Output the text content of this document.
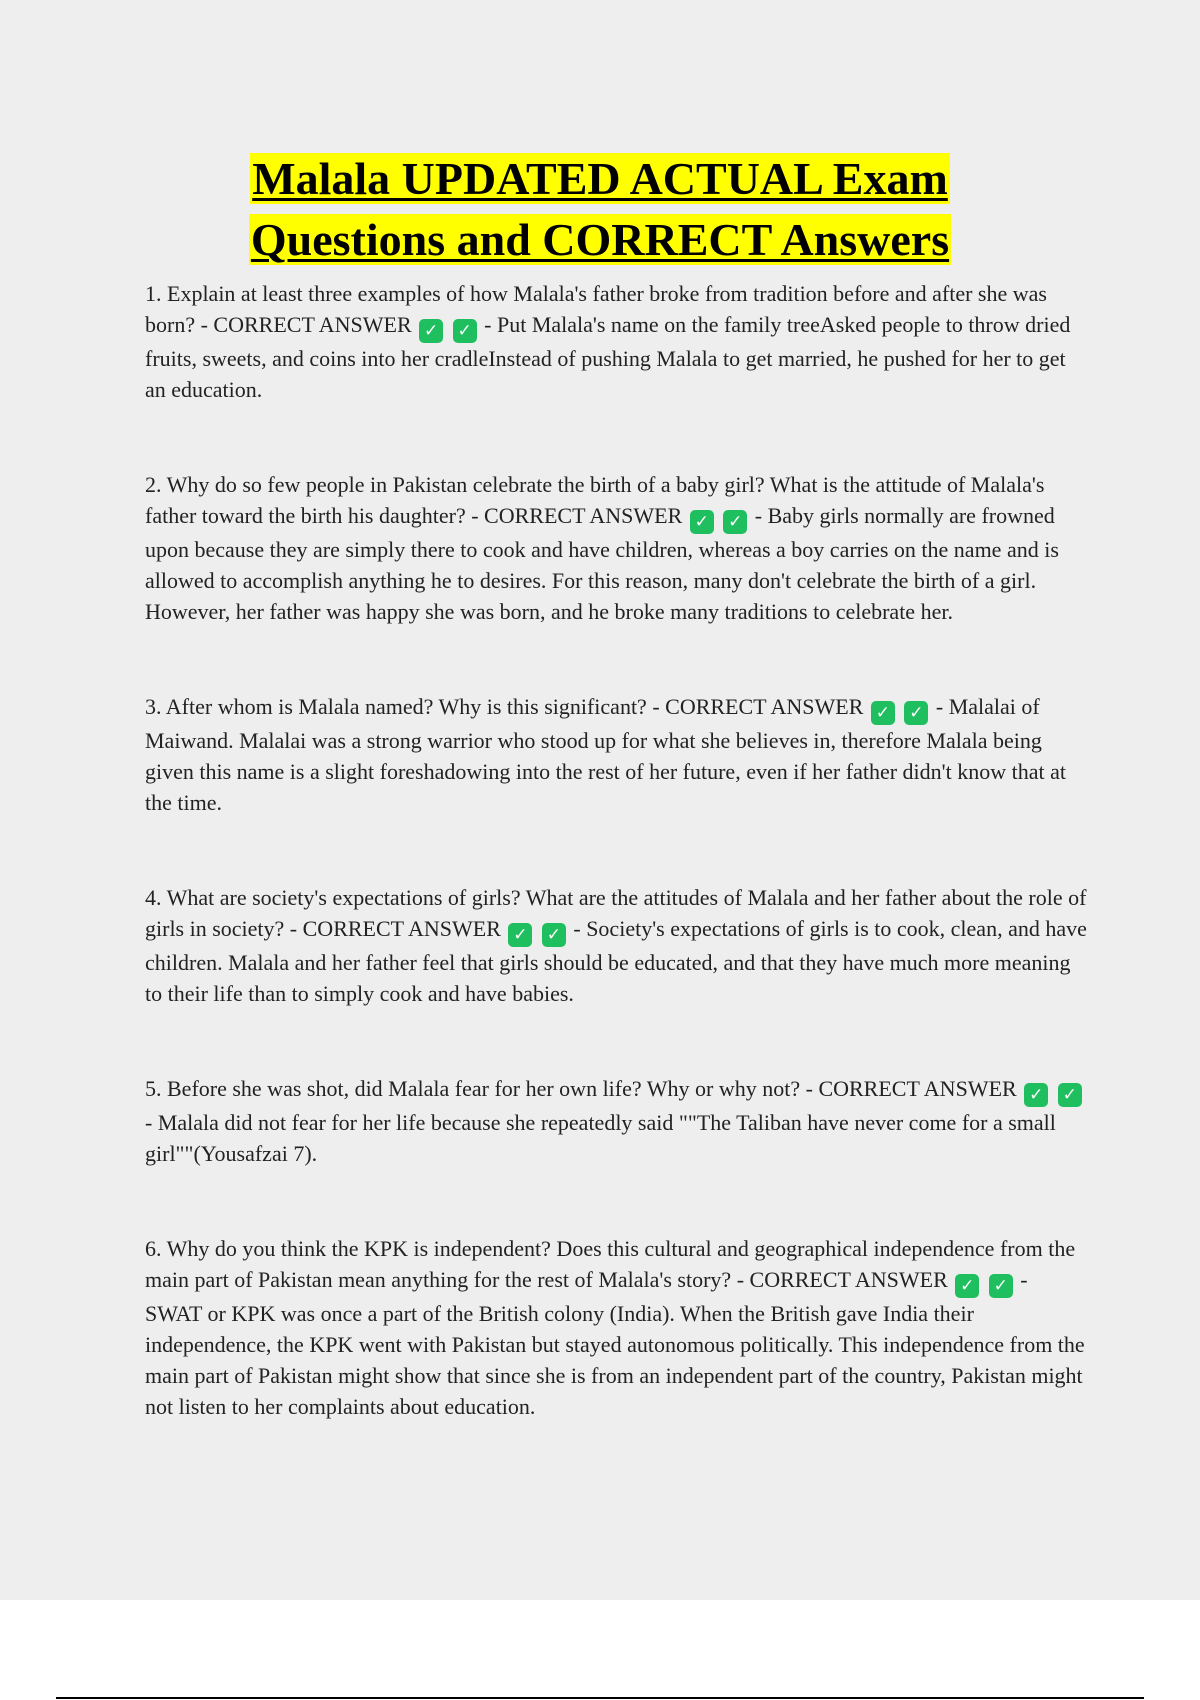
Malala UPDATED ACTUAL Exam
Questions and CORRECT Answers

1. Explain at least three examples of how Malala's father broke from tradition before and after she was born? - CORRECT ANSWER ✓ ✓ - Put Malala's name on the family treeAsked people to throw dried fruits, sweets, and coins into her cradleInstead of pushing Malala to get married, he pushed for her to get an education.

2. Why do so few people in Pakistan celebrate the birth of a baby girl? What is the attitude of Malala's father toward the birth his daughter? - CORRECT ANSWER ✓ ✓ - Baby girls normally are frowned upon because they are simply there to cook and have children, whereas a boy carries on the name and is allowed to accomplish anything he to desires. For this reason, many don't celebrate the birth of a girl. However, her father was happy she was born, and he broke many traditions to celebrate her.

3. After whom is Malala named? Why is this significant? - CORRECT ANSWER ✓ ✓ - Malalai of Maiwand. Malalai was a strong warrior who stood up for what she believes in, therefore Malala being given this name is a slight foreshadowing into the rest of her future, even if her father didn't know that at the time.

4. What are society's expectations of girls? What are the attitudes of Malala and her father about the role of girls in society? - CORRECT ANSWER ✓ ✓ - Society's expectations of girls is to cook, clean, and have children. Malala and her father feel that girls should be educated, and that they have much more meaning to their life than to simply cook and have babies.

5. Before she was shot, did Malala fear for her own life? Why or why not? - CORRECT ANSWER ✓ ✓ - Malala did not fear for her life because she repeatedly said ""The Taliban have never come for a small girl""(Yousafzai 7).

6. Why do you think the KPK is independent? Does this cultural and geographical independence from the main part of Pakistan mean anything for the rest of Malala's story? - CORRECT ANSWER ✓ ✓ - SWAT or KPK was once a part of the British colony (India). When the British gave India their independence, the KPK went with Pakistan but stayed autonomous politically. This independence from the main part of Pakistan might show that since she is from an independent part of the country, Pakistan might not listen to her complaints about education.
